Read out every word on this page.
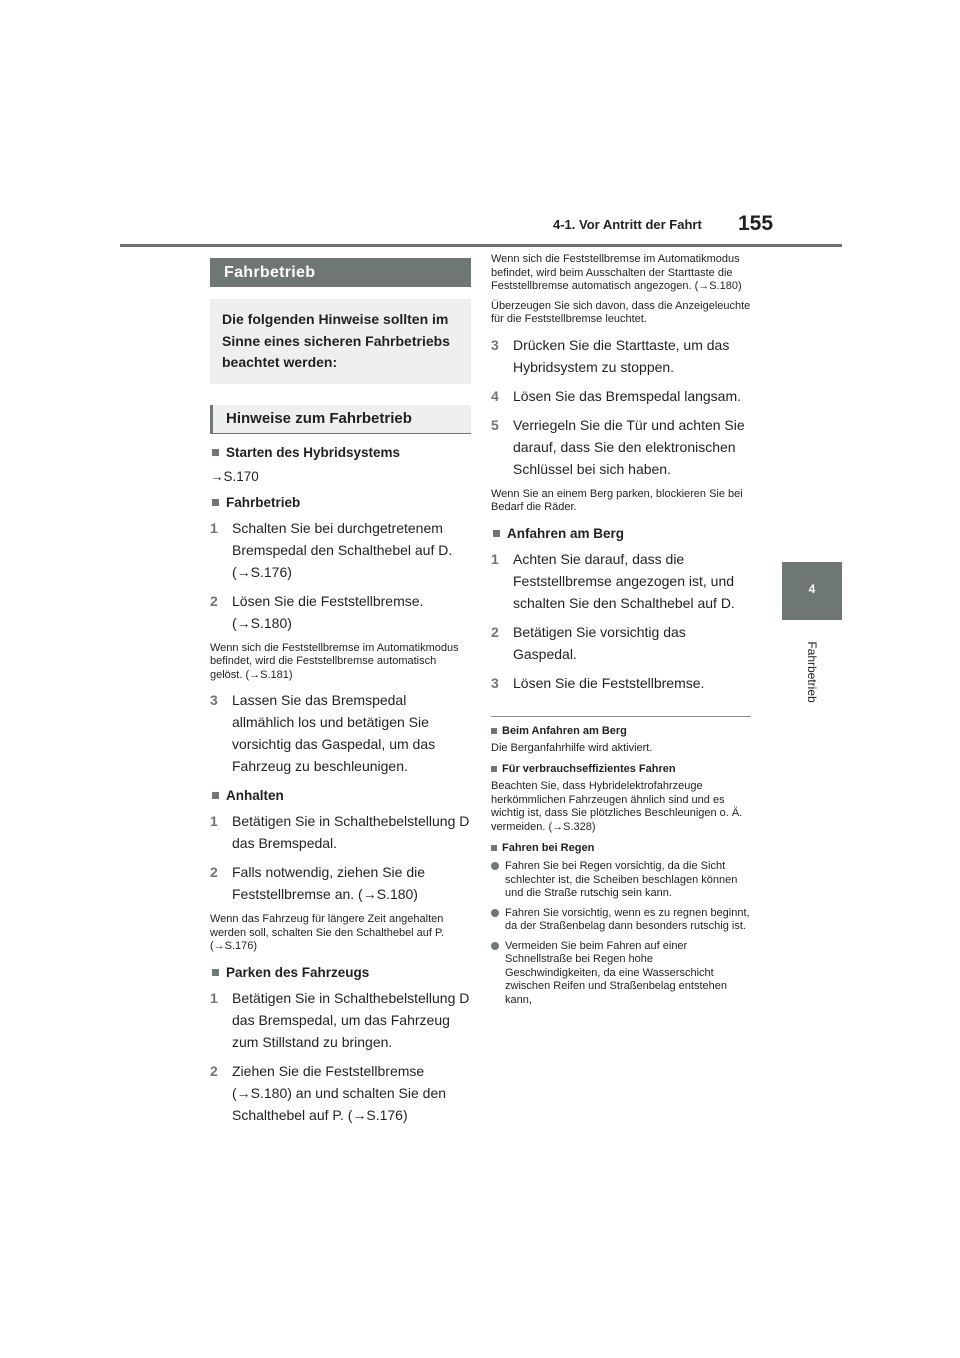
4-1. Vor Antritt der Fahrt 155
4
Fahrbetrieb
Fahrbetrieb
Die folgenden Hinweise sollten im Sinne eines sicheren Fahrbetriebs beachtet werden:
Hinweise zum Fahrbetrieb
Starten des Hybridsystems
→S.170
Fahrbetrieb
1	Schalten Sie bei durchgetretenem Bremspedal den Schalthebel auf D. (→S.176)
2	Lösen Sie die Feststellbremse. (→S.180)
Wenn sich die Feststellbremse im Automatikmodus befindet, wird die Feststellbremse automatisch gelöst. (→S.181)
3	Lassen Sie das Bremspedal allmählich los und betätigen Sie vorsichtig das Gaspedal, um das Fahrzeug zu beschleunigen.
Anhalten
1	Betätigen Sie in Schalthebelstellung D das Bremspedal.
2	Falls notwendig, ziehen Sie die Feststellbremse an. (→S.180)
Wenn das Fahrzeug für längere Zeit angehalten werden soll, schalten Sie den Schalthebel auf P. (→S.176)
Parken des Fahrzeugs
1	Betätigen Sie in Schalthebelstellung D das Bremspedal, um das Fahrzeug zum Stillstand zu bringen.
2	Ziehen Sie die Feststellbremse (→S.180) an und schalten Sie den Schalthebel auf P. (→S.176)
Wenn sich die Feststellbremse im Automatikmodus befindet, wird beim Ausschalten der Starttaste die Feststellbremse automatisch angezogen. (→S.180)
Überzeugen Sie sich davon, dass die Anzeigeleuchte für die Feststellbremse leuchtet.
3	Drücken Sie die Starttaste, um das Hybridsystem zu stoppen.
4	Lösen Sie das Bremspedal langsam.
5	Verriegeln Sie die Tür und achten Sie darauf, dass Sie den elektronischen Schlüssel bei sich haben.
Wenn Sie an einem Berg parken, blockieren Sie bei Bedarf die Räder.
Anfahren am Berg
1	Achten Sie darauf, dass die Feststellbremse angezogen ist, und schalten Sie den Schalthebel auf D.
2	Betätigen Sie vorsichtig das Gaspedal.
3	Lösen Sie die Feststellbremse.
Beim Anfahren am Berg
Die Berganfahrhilfe wird aktiviert.
Für verbrauchseffizientes Fahren
Beachten Sie, dass Hybridelektrofahrzeuge herkömmlichen Fahrzeugen ähnlich sind und es wichtig ist, dass Sie plötzliches Beschleunigen o. Ä. vermeiden. (→S.328)
Fahren bei Regen
Fahren Sie bei Regen vorsichtig, da die Sicht schlechter ist, die Scheiben beschlagen können und die Straße rutschig sein kann.
Fahren Sie vorsichtig, wenn es zu regnen beginnt, da der Straßenbelag dann besonders rutschig ist.
Vermeiden Sie beim Fahren auf einer Schnellstraße bei Regen hohe Geschwindigkeiten, da eine Wasserschicht zwischen Reifen und Straßenbelag entstehen kann,
